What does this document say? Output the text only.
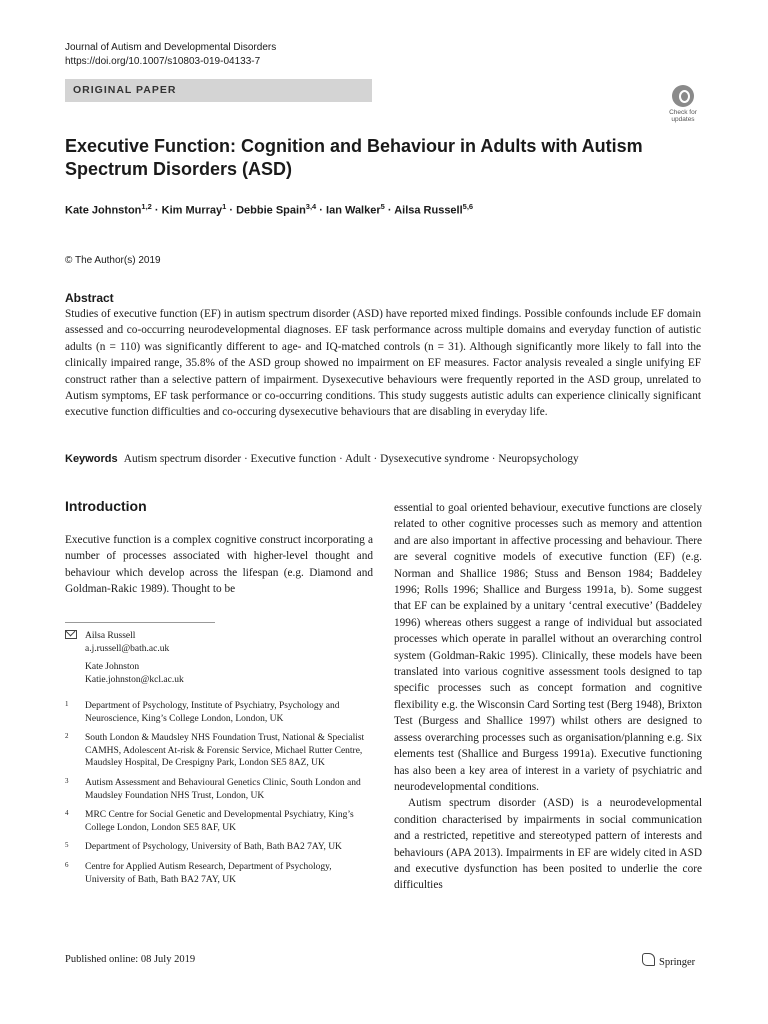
Journal of Autism and Developmental Disorders
https://doi.org/10.1007/s10803-019-04133-7
ORIGINAL PAPER
Check for
updates
Executive Function: Cognition and Behaviour in Adults with Autism Spectrum Disorders (ASD)
Kate Johnston$^{1,2}$ · Kim Murray$^1$ · Debbie Spain$^{3,4}$ · Ian Walker$^5$ · Ailsa Russell$^{5,6}$
© The Author(s) 2019
Abstract
Studies of executive function (EF) in autism spectrum disorder (ASD) have reported mixed findings. Possible confounds include EF domain assessed and co-occurring neurodevelopmental diagnoses. EF task performance across multiple domains and everyday function of autistic adults (n = 110) was significantly different to age- and IQ-matched controls (n = 31). Although significantly more likely to fall into the clinically impaired range, 35.8% of the ASD group showed no impairment on EF measures. Factor analysis revealed a single unifying EF construct rather than a selective pattern of impairment. Dysexecutive behaviours were frequently reported in the ASD group, unrelated to Autism symptoms, EF task performance or co-occurring conditions. This study suggests autistic adults can experience clinically significant executive function difficulties and co-occuring dysexecutive behaviours that are disabling in everyday life.
Keywords Autism spectrum disorder · Executive function · Adult · Dysexecutive syndrome · Neuropsychology
Introduction
Executive function is a complex cognitive construct incorporating a number of processes associated with higher-level thought and behaviour which develop across the lifespan (e.g. Diamond and Goldman-Rakic 1989). Thought to be

essential to goal oriented behaviour, executive functions are closely related to other cognitive processes such as memory and attention and are also important in affective processing and behaviour. There are several cognitive models of executive function (EF) (e.g. Norman and Shallice 1986; Stuss and Benson 1984; Baddeley 1996; Rolls 1996; Shallice and Burgess 1991a, b). Some suggest that EF can be explained by a unitary ‘central executive’ (Baddeley 1996) whereas others suggest a range of individual but associated processes which operate in parallel without an overarching control system (Goldman-Rakic 1995). Clinically, these models have been translated into various cognitive assessment tools designed to tap specific processes such as concept formation and cognitive flexibility e.g. the Wisconsin Card Sorting test (Berg 1948), Brixton Test (Burgess and Shallice 1997) whilst others are designed to assess overarching processes such as organisation/planning e.g. Six elements test (Shallice and Burgess 1991a). Executive functioning has also been a key area of interest in a variety of psychiatric and neurodevelopmental conditions.

Autism spectrum disorder (ASD) is a neurodevelopmental condition characterised by impairments in social communication and a restricted, repetitive and stereotyped pattern of interests and behaviours (APA 2013). Impairments in EF are widely cited in ASD and executive dysfunction has been posited to underlie the core difficulties

Ailsa Russell
a.j.russell@bath.ac.uk
Kate Johnston
Katie.johnston@kcl.ac.uk
1 Department of Psychology, Institute of Psychiatry, Psychology and Neuroscience, King’s College London, London, UK
2 South London & Maudsley NHS Foundation Trust, National & Specialist CAMHS, Adolescent At-risk & Forensic Service, Michael Rutter Centre, Maudsley Hospital, De Crespigny Park, London SE5 8AZ, UK
3 Autism Assessment and Behavioural Genetics Clinic, South London and Maudsley Foundation NHS Trust, London, UK
4 MRC Centre for Social Genetic and Developmental Psychiatry, King’s College London, London SE5 8AF, UK
5 Department of Psychology, University of Bath, Bath BA2 7AY, UK
6 Centre for Applied Autism Research, Department of Psychology, University of Bath, Bath BA2 7AY, UK
Published online: 08 July 2019	Springer
